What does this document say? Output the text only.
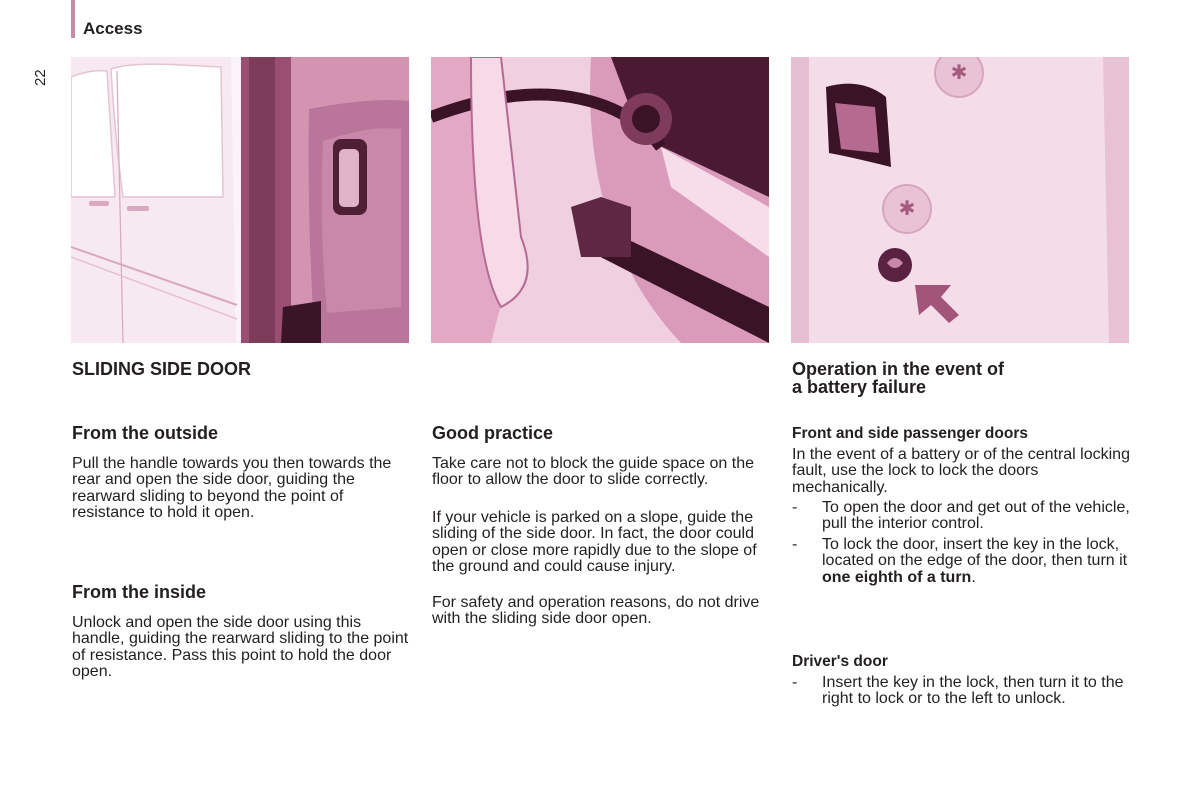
Access
22	✱
✱
SLIDING SIDE DOOR
From the outside

Pull the handle towards you then towards the rear and open the side door, guiding the rearward sliding to beyond the point of resistance to hold it open.

From the inside

Unlock and open the side door using this handle, guiding the rearward sliding to the point of resistance. Pass this point to hold the door open.

Good practice

Take care not to block the guide space on the floor to allow the door to slide correctly.

If your vehicle is parked on a slope, guide the sliding of the side door. In fact, the door could open or close more rapidly due to the slope of the ground and could cause injury.

For safety and operation reasons, do not drive with the sliding side door open.

Operation in the event of
a battery failure
Front and side passenger doors

In the event of a battery or of the central locking fault, use the lock to lock the doors mechanically.

- To open the door and get out of the vehicle, pull the interior control.
- To lock the door, insert the key in the lock, located on the edge of the door, then turn it one eighth of a turn.
Driver's door
- Insert the key in the lock, then turn it to the right to lock or to the left to unlock.
